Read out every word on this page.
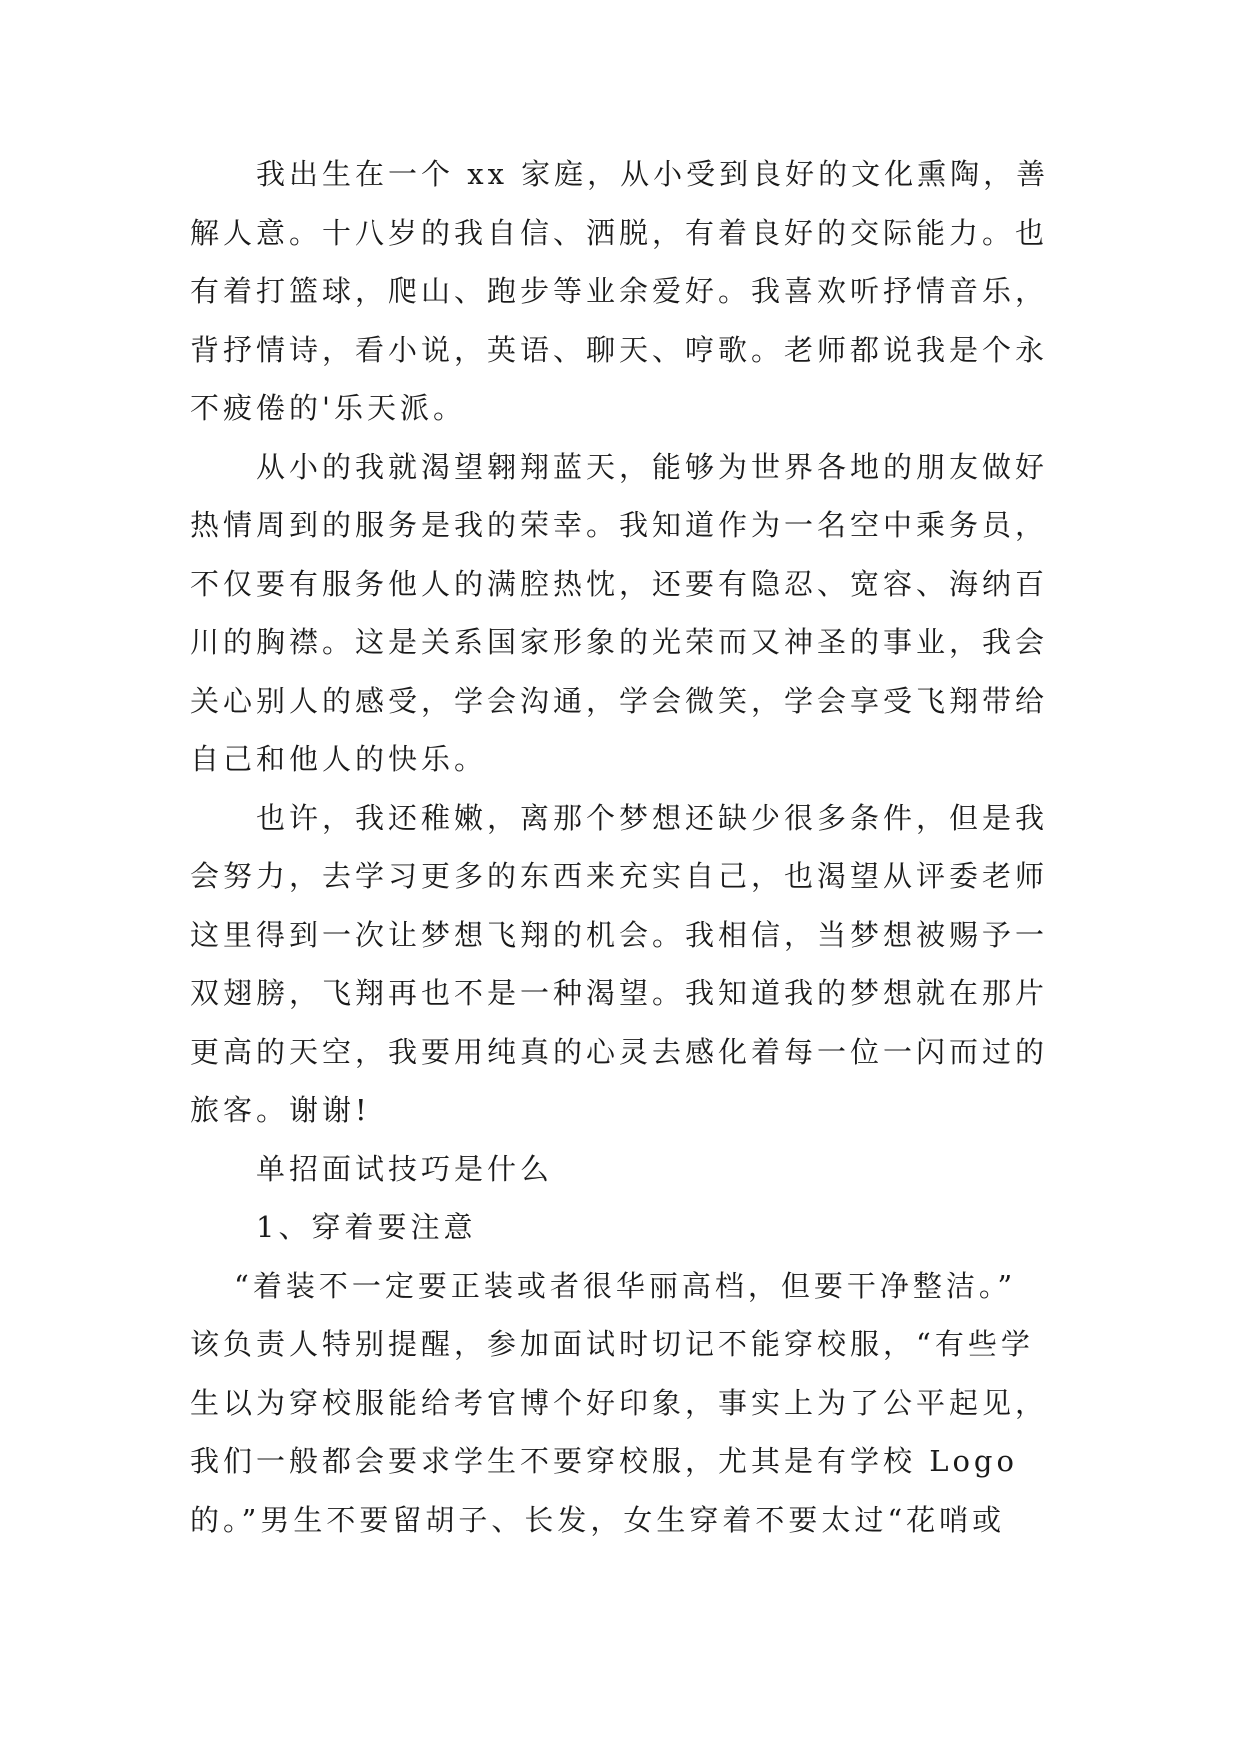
我出生在一个 xx 家庭，从小受到良好的文化熏陶，善
解人意。十八岁的我自信、洒脱，有着良好的交际能力。也
有着打篮球，爬山、跑步等业余爱好。我喜欢听抒情音乐，
背抒情诗，看小说，英语、聊天、哼歌。老师都说我是个永
不疲倦的'乐天派。
从小的我就渴望翱翔蓝天，能够为世界各地的朋友做好
热情周到的服务是我的荣幸。我知道作为一名空中乘务员，
不仅要有服务他人的满腔热忱，还要有隐忍、宽容、海纳百
川的胸襟。这是关系国家形象的光荣而又神圣的事业，我会
关心别人的感受，学会沟通，学会微笑，学会享受飞翔带给
自己和他人的快乐。
也许，我还稚嫩，离那个梦想还缺少很多条件，但是我
会努力，去学习更多的东西来充实自己，也渴望从评委老师
这里得到一次让梦想飞翔的机会。我相信，当梦想被赐予一
双翅膀，飞翔再也不是一种渴望。我知道我的梦想就在那片
更高的天空，我要用纯真的心灵去感化着每一位一闪而过的
旅客。谢谢!
单招面试技巧是什么
1、穿着要注意
“着装不一定要正装或者很华丽高档，但要干净整洁。”
该负责人特别提醒，参加面试时切记不能穿校服，“有些学
生以为穿校服能给考官博个好印象，事实上为了公平起见，
我们一般都会要求学生不要穿校服，尤其是有学校 Logo
的。”男生不要留胡子、长发，女生穿着不要太过“花哨或
